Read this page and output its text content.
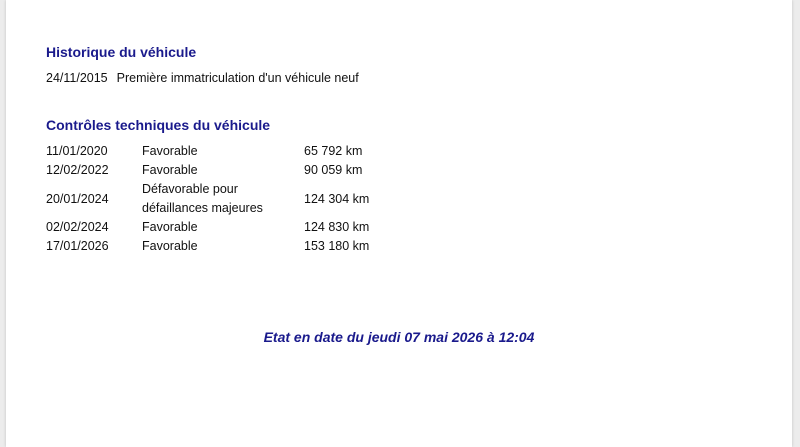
Historique du véhicule
24/11/2015 Première immatriculation d'un véhicule neuf
Contrôles techniques du véhicule
11/01/2020	Favorable	65 792 km
12/02/2022	Favorable	90 059 km
20/01/2024	Défavorable pour défaillances majeures	124 304 km
02/02/2024	Favorable	124 830 km
17/01/2026	Favorable	153 180 km
Etat en date du jeudi 07 mai 2026 à 12:04
